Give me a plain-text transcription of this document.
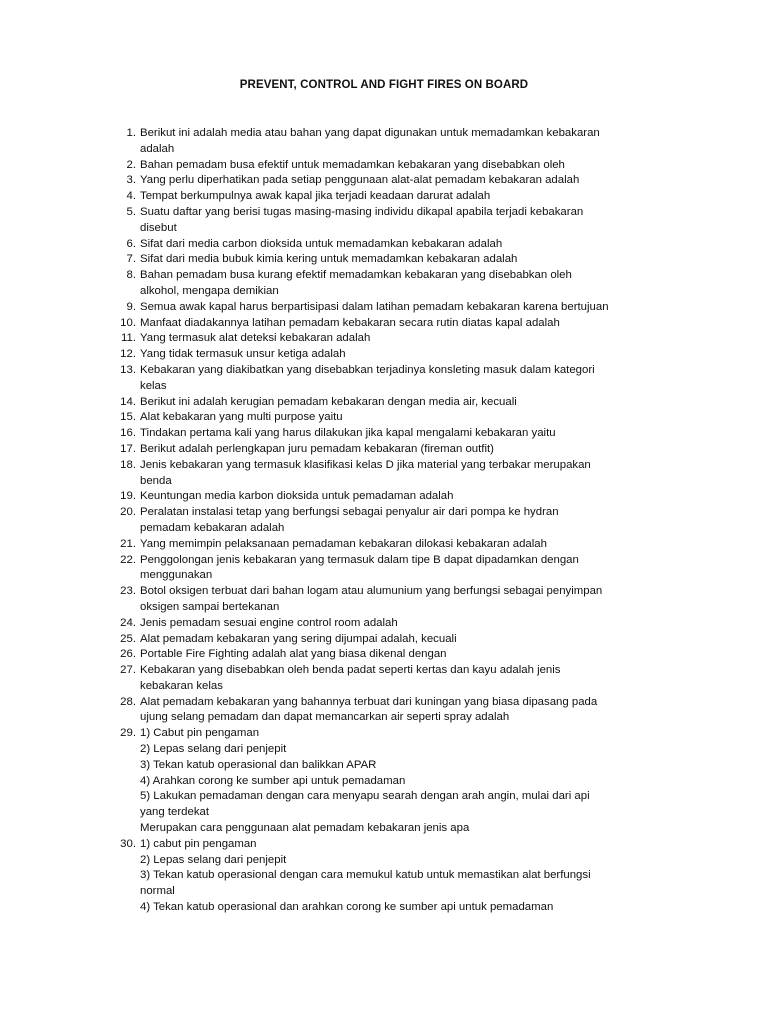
PREVENT, CONTROL AND FIGHT FIRES ON BOARD
1. Berikut ini adalah media atau bahan yang dapat digunakan untuk memadamkan kebakaran
adalah
2. Bahan pemadam busa efektif untuk memadamkan kebakaran yang disebabkan oleh
3. Yang perlu diperhatikan pada setiap penggunaan alat-alat pemadam kebakaran adalah
4. Tempat berkumpulnya awak kapal jika terjadi keadaan darurat adalah
5. Suatu daftar yang berisi tugas masing-masing individu dikapal apabila terjadi kebakaran
disebut
6. Sifat dari media carbon dioksida untuk memadamkan kebakaran adalah
7. Sifat dari media bubuk kimia kering untuk memadamkan kebakaran adalah
8. Bahan pemadam busa kurang efektif memadamkan kebakaran yang disebabkan oleh
alkohol, mengapa demikian
9. Semua awak kapal harus berpartisipasi dalam latihan pemadam kebakaran karena bertujuan
10. Manfaat diadakannya latihan pemadam kebakaran secara rutin diatas kapal adalah
11. Yang termasuk alat deteksi kebakaran adalah
12. Yang tidak termasuk unsur ketiga adalah
13. Kebakaran yang diakibatkan yang disebabkan terjadinya konsleting masuk dalam kategori
kelas
14. Berikut ini adalah kerugian pemadam kebakaran dengan media air, kecuali
15. Alat kebakaran yang multi purpose yaitu
16. Tindakan pertama kali yang harus dilakukan jika kapal mengalami kebakaran yaitu
17. Berikut adalah perlengkapan juru pemadam kebakaran (fireman outfit)
18. Jenis kebakaran yang termasuk klasifikasi kelas D jika material yang terbakar merupakan
benda
19. Keuntungan media karbon dioksida untuk pemadaman adalah
20. Peralatan instalasi tetap yang berfungsi sebagai penyalur air dari pompa ke hydran
pemadam kebakaran adalah
21. Yang memimpin pelaksanaan pemadaman kebakaran dilokasi kebakaran adalah
22. Penggolongan jenis kebakaran yang termasuk dalam tipe B dapat dipadamkan dengan
menggunakan
23. Botol oksigen terbuat dari bahan logam atau alumunium yang berfungsi sebagai penyimpan
oksigen sampai bertekanan
24. Jenis pemadam sesuai engine control room adalah
25. Alat pemadam kebakaran yang sering dijumpai adalah, kecuali
26. Portable Fire Fighting adalah alat yang biasa dikenal dengan
27. Kebakaran yang disebabkan oleh benda padat seperti kertas dan kayu adalah jenis
kebakaran kelas
28. Alat pemadam kebakaran yang bahannya terbuat dari kuningan yang biasa dipasang pada
ujung selang pemadam dan dapat memancarkan air seperti spray adalah
29. 1) Cabut pin pengaman
2) Lepas selang dari penjepit
3) Tekan katub operasional dan balikkan APAR
4) Arahkan corong ke sumber api untuk pemadaman
5) Lakukan pemadaman dengan cara menyapu searah dengan arah angin, mulai dari api
yang terdekat
Merupakan cara penggunaan alat pemadam kebakaran jenis apa
30. 1) cabut pin pengaman
2) Lepas selang dari penjepit
3) Tekan katub operasional dengan cara memukul katub untuk memastikan alat berfungsi
normal
4) Tekan katub operasional dan arahkan corong ke sumber api untuk pemadaman
